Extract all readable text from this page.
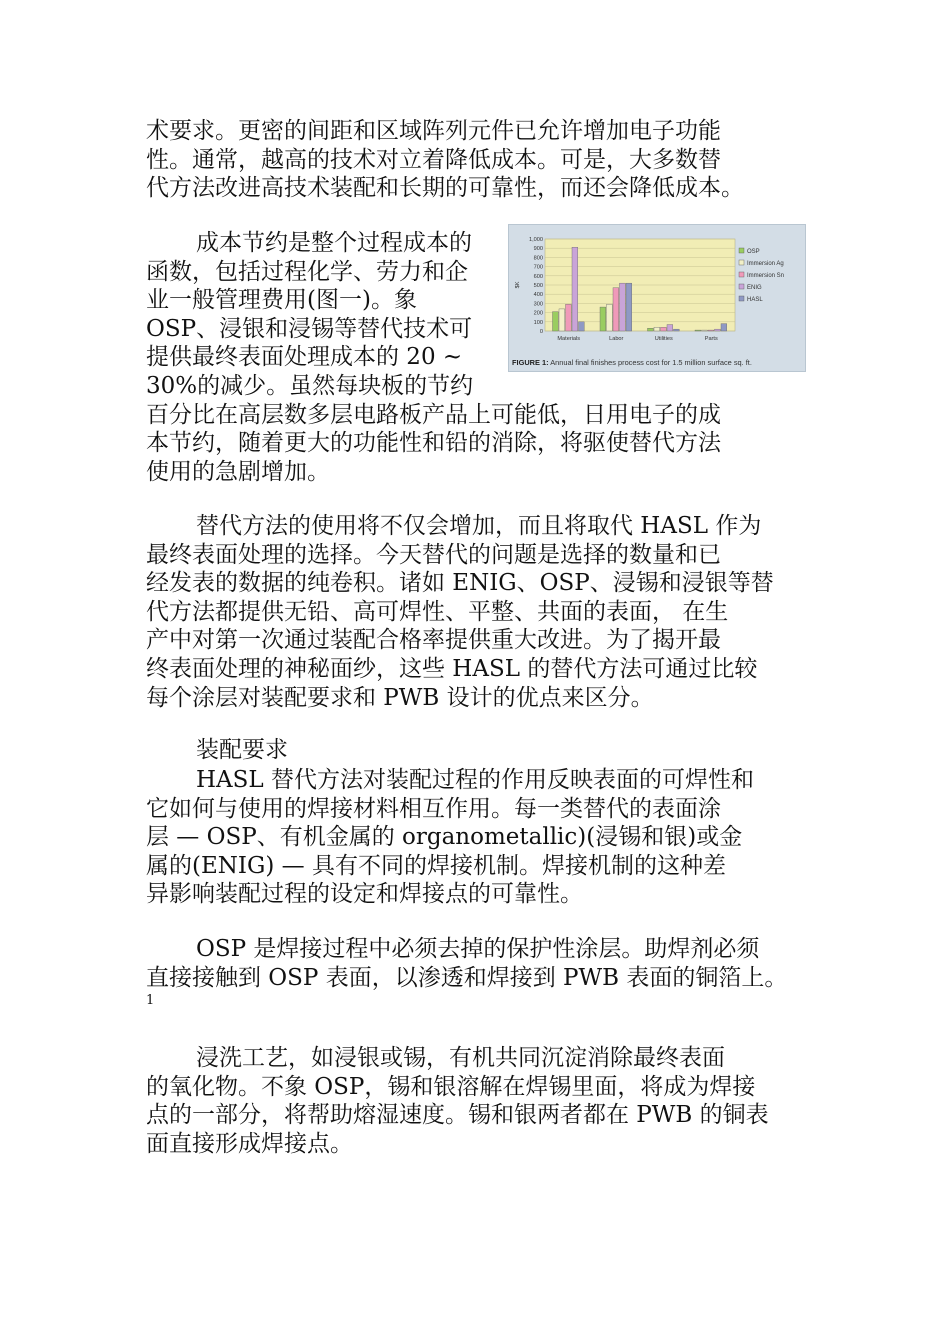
术要求。更密的间距和区域阵列元件已允许增加电子功能
性。通常，越高的技术对立着降低成本。可是，大多数替
代方法改进高技术装配和长期的可靠性，而还会降低成本。
成本节约是整个过程成本的
函数，包括过程化学、劳力和企
业一般管理费用(图一)。象
OSP、浸银和浸锡等替代技术可
提供最终表面处理成本的 20 ~
30%的减少。虽然每块板的节约
百分比在高层数多层电路板产品上可能低，日用电子的成
本节约，随着更大的功能性和铅的消除，将驱使替代方法
使用的急剧增加。
0
100
200
300
400
500
600
700
800
900
1,000
$K
Materials	Labor	Utilities	Parts
OSP
Immersion Ag
Immersion Sn
ENIG
HASL
FIGURE 1: Annual final finishes process cost for 1.5 million surface sq. ft.
替代方法的使用将不仅会增加，而且将取代 HASL 作为
最终表面处理的选择。今天替代的问题是选择的数量和已
经发表的数据的纯卷积。诸如 ENIG、OSP、浸锡和浸银等替
代方法都提供无铅、高可焊性、平整、共面的表面， 在生
产中对第一次通过装配合格率提供重大改进。为了揭开最
终表面处理的神秘面纱，这些 HASL 的替代方法可通过比较
每个涂层对装配要求和 PWB 设计的优点来区分。
装配要求
HASL 替代方法对装配过程的作用反映表面的可焊性和
它如何与使用的焊接材料相互作用。每一类替代的表面涂
层 — OSP、有机金属的 organometallic)(浸锡和银)或金
属的(ENIG) — 具有不同的焊接机制。焊接机制的这种差
异影响装配过程的设定和焊接点的可靠性。
OSP 是焊接过程中必须去掉的保护性涂层。助焊剂必须
直接接触到 OSP 表面，以渗透和焊接到 PWB 表面的铜箔上。
1
浸洗工艺，如浸银或锡，有机共同沉淀消除最终表面
的氧化物。不象 OSP，锡和银溶解在焊锡里面，将成为焊接
点的一部分，将帮助熔湿速度。锡和银两者都在 PWB 的铜表
面直接形成焊接点。
